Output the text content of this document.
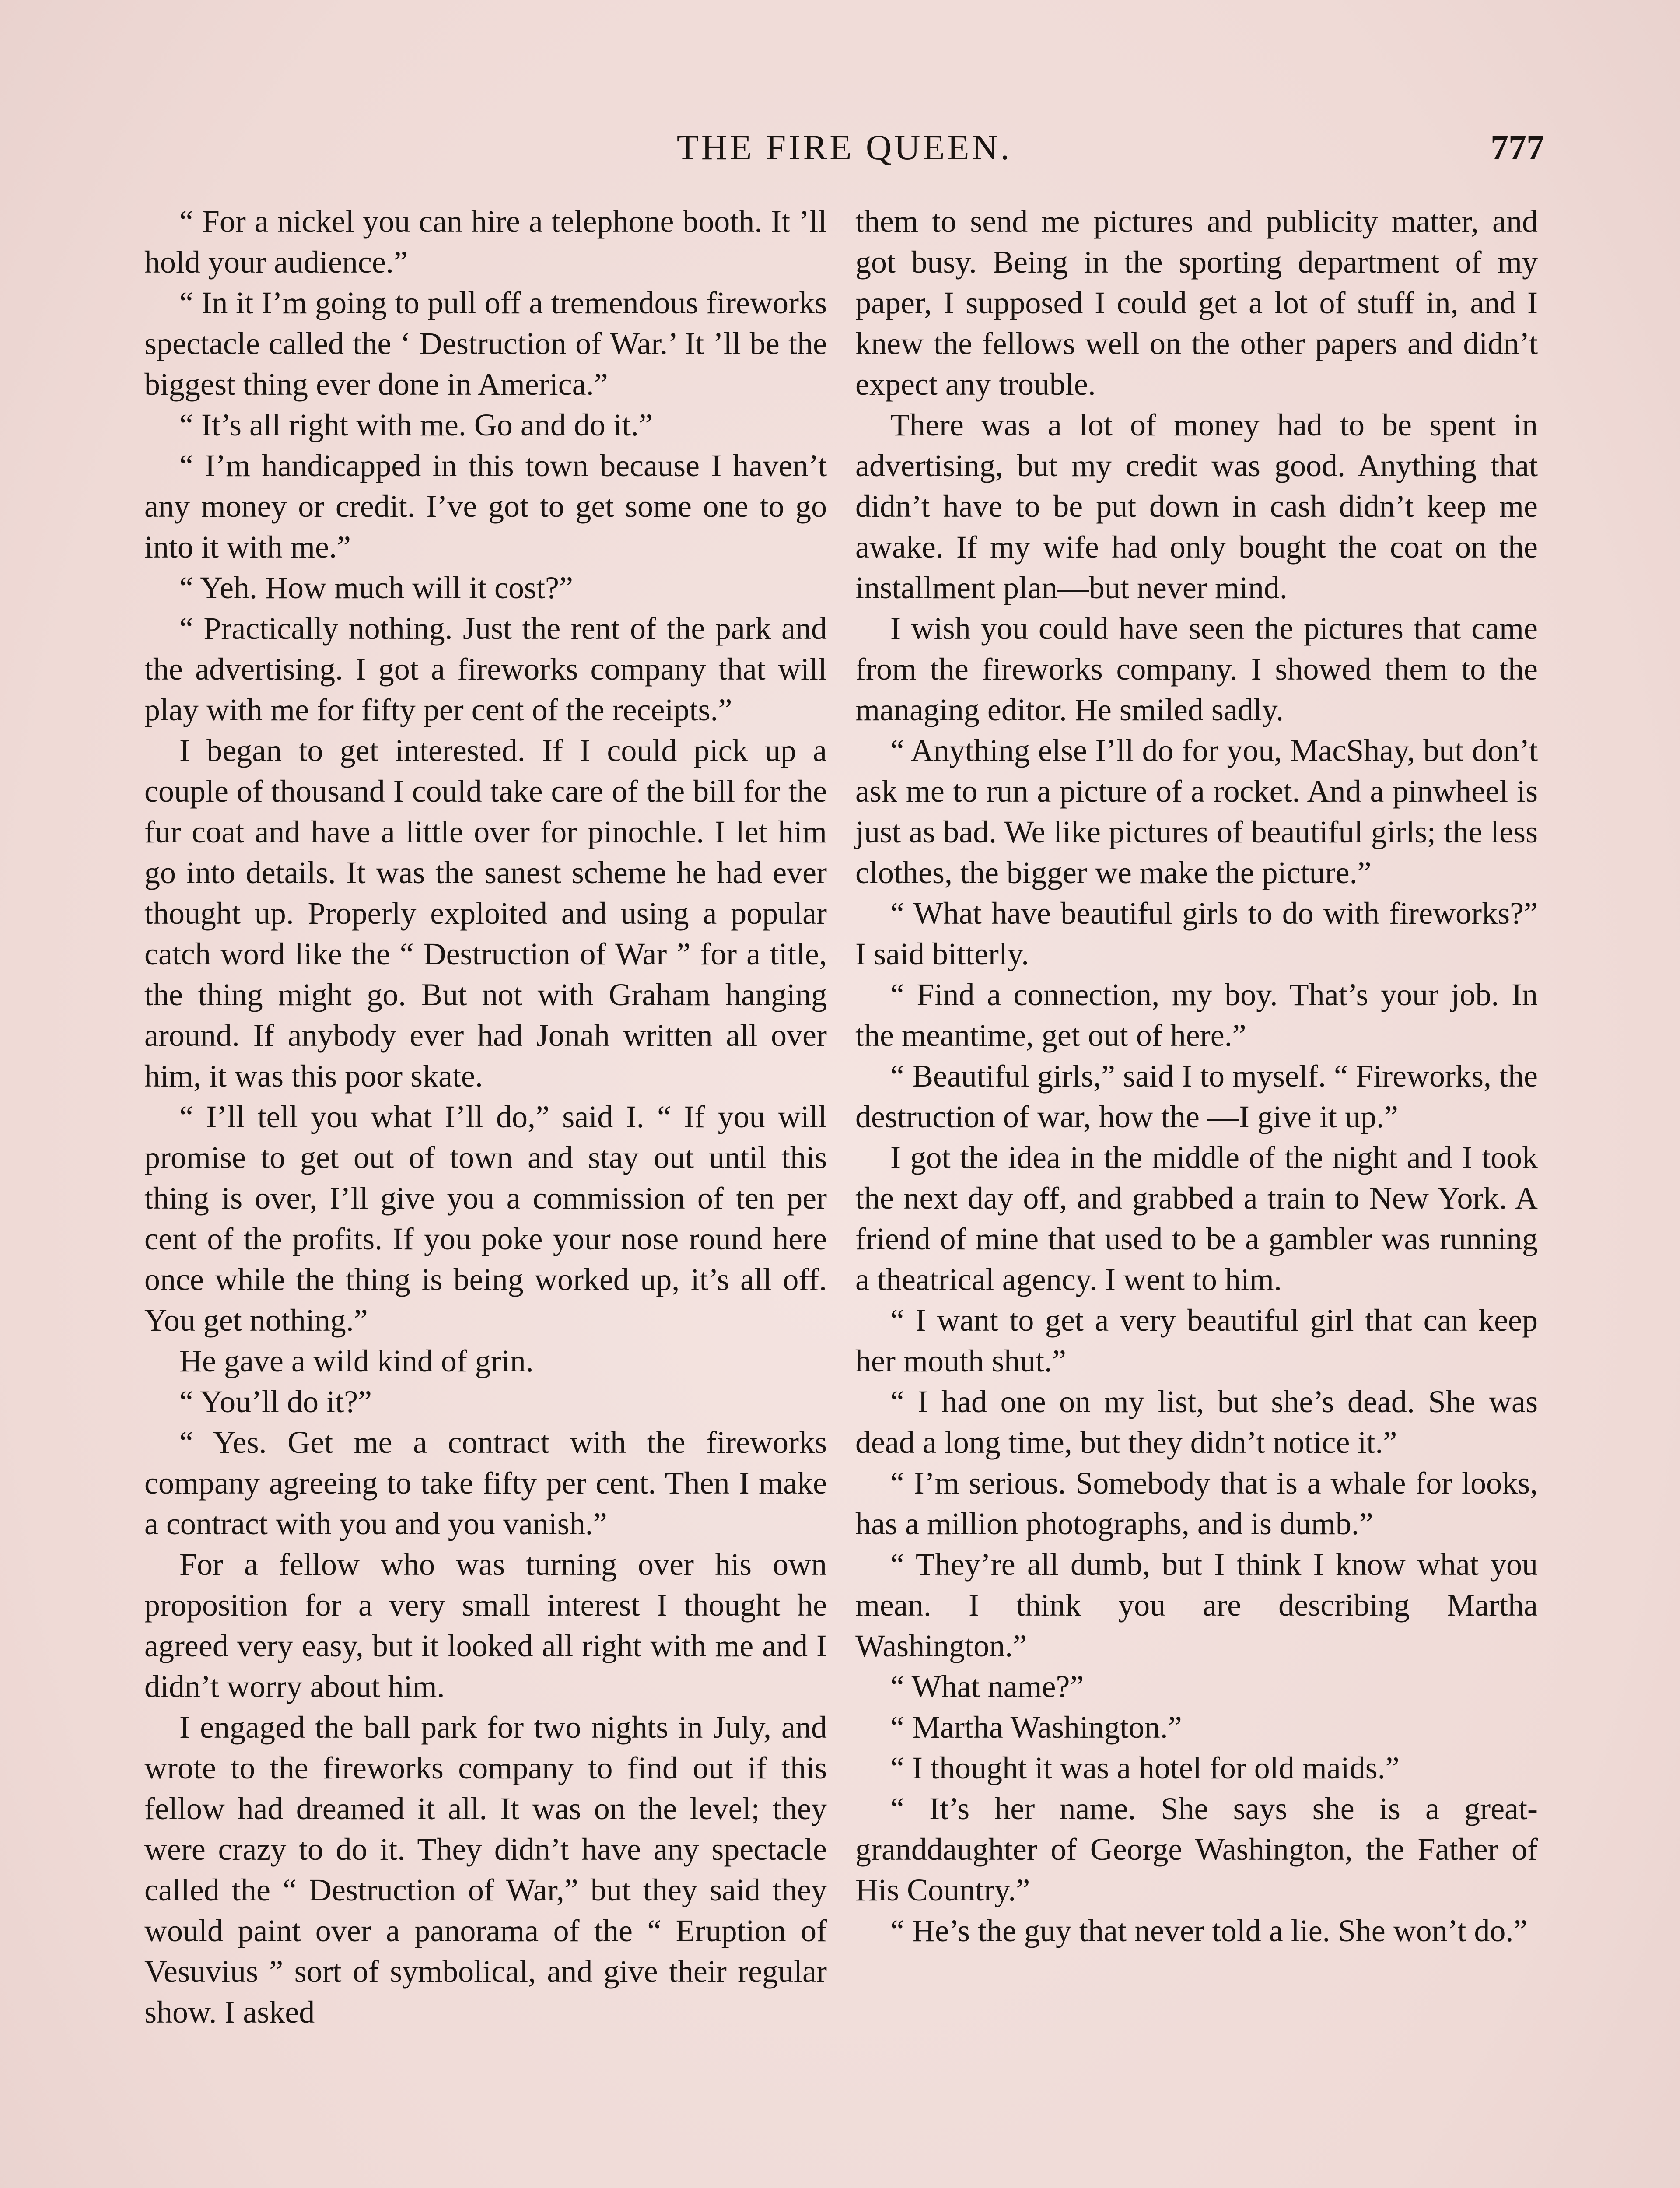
THE FIRE QUEEN.	777

“ For a nickel you can hire a telephone booth. It ’ll hold your audience.”

“ In it I’m going to pull off a tremendous fireworks spectacle called the ‘ Destruction of War.’ It ’ll be the biggest thing ever done in America.”

“ It’s all right with me. Go and do it.”

“ I’m handicapped in this town because I haven’t any money or credit. I’ve got to get some one to go into it with me.”

“ Yeh. How much will it cost?”

“ Practically nothing. Just the rent of the park and the advertising. I got a fireworks company that will play with me for fifty per cent of the receipts.”

I began to get interested. If I could pick up a couple of thousand I could take care of the bill for the fur coat and have a little over for pinochle. I let him go into details. It was the sanest scheme he had ever thought up. Properly exploited and using a popular catch word like the “ Destruction of War ” for a title, the thing might go. But not with Graham hanging around. If anybody ever had Jonah written all over him, it was this poor skate.

“ I’ll tell you what I’ll do,” said I. “ If you will promise to get out of town and stay out until this thing is over, I’ll give you a commission of ten per cent of the profits. If you poke your nose round here once while the thing is being worked up, it’s all off. You get nothing.”

He gave a wild kind of grin.

“ You’ll do it?”

“ Yes. Get me a contract with the fireworks company agreeing to take fifty per cent. Then I make a contract with you and you vanish.”

For a fellow who was turning over his own proposition for a very small interest I thought he agreed very easy, but it looked all right with me and I didn’t worry about him.

I engaged the ball park for two nights in July, and wrote to the fireworks company to find out if this fellow had dreamed it all. It was on the level; they were crazy to do it. They didn’t have any spectacle called the “ Destruction of War,” but they said they would paint over a panorama of the “ Eruption of Vesuvius ” sort of symbolical, and give their regular show. I asked

them to send me pictures and publicity matter, and got busy. Being in the sporting department of my paper, I supposed I could get a lot of stuff in, and I knew the fellows well on the other papers and didn’t expect any trouble.

There was a lot of money had to be spent in advertising, but my credit was good. Anything that didn’t have to be put down in cash didn’t keep me awake. If my wife had only bought the coat on the installment plan—but never mind.

I wish you could have seen the pictures that came from the fireworks company. I showed them to the managing editor. He smiled sadly.

“ Anything else I’ll do for you, MacShay, but don’t ask me to run a picture of a rocket. And a pinwheel is just as bad. We like pictures of beautiful girls; the less clothes, the bigger we make the picture.”

“ What have beautiful girls to do with fireworks?” I said bitterly.

“ Find a connection, my boy. That’s your job. In the meantime, get out of here.”

“ Beautiful girls,” said I to myself. “ Fireworks, the destruction of war, how the —I give it up.”

I got the idea in the middle of the night and I took the next day off, and grabbed a train to New York. A friend of mine that used to be a gambler was running a theatrical agency. I went to him.

“ I want to get a very beautiful girl that can keep her mouth shut.”

“ I had one on my list, but she’s dead. She was dead a long time, but they didn’t notice it.”

“ I’m serious. Somebody that is a whale for looks, has a million photographs, and is dumb.”

“ They’re all dumb, but I think I know what you mean. I think you are describing Martha Washington.”

“ What name?”

“ Martha Washington.”

“ I thought it was a hotel for old maids.”

“ It’s her name. She says she is a great-granddaughter of George Washington, the Father of His Country.”

“ He’s the guy that never told a lie. She won’t do.”
